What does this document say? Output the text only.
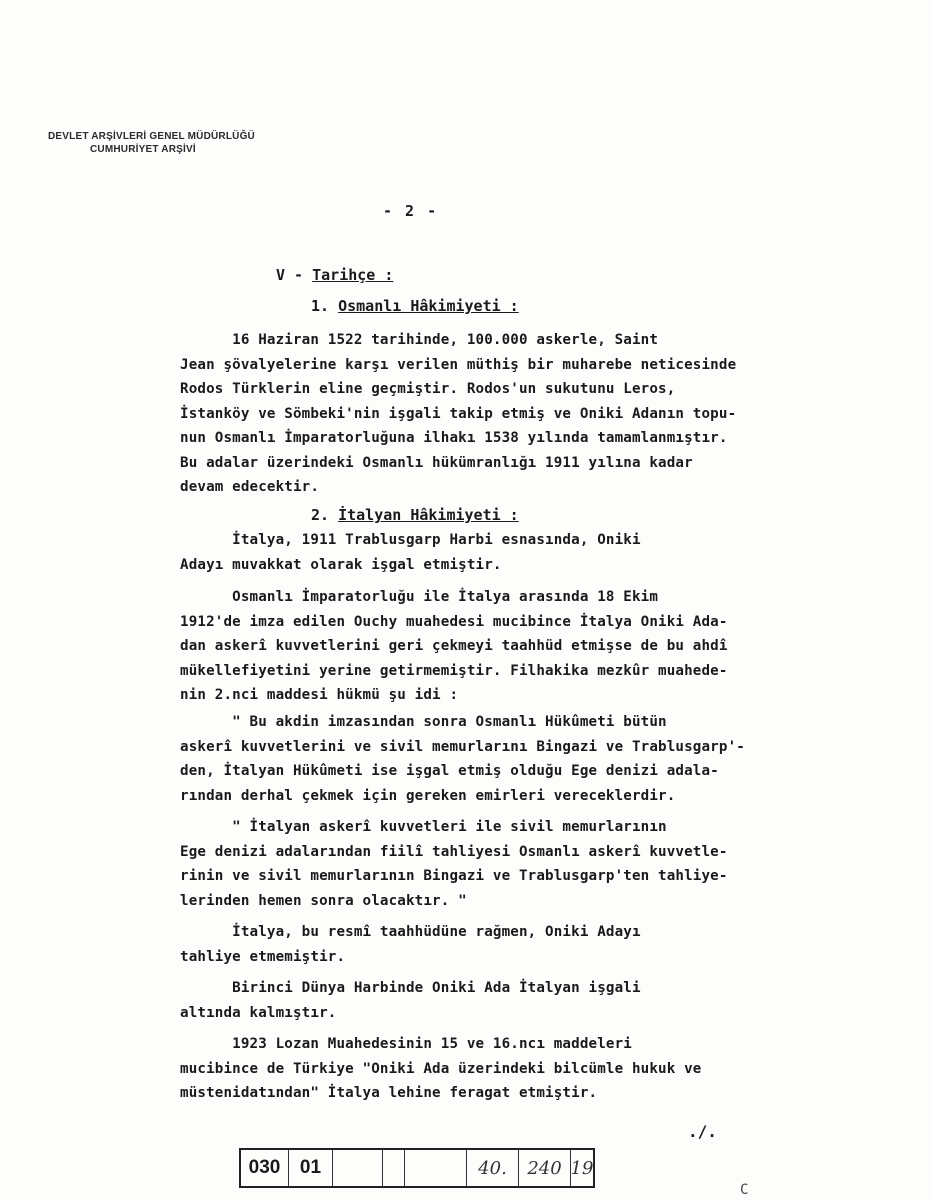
DEVLET ARŞİVLERİ GENEL MÜDÜRLÜĞÜ
CUMHURİYET ARŞİVİ
- 2 -
V - Tarihçe :
1. Osmanlı Hâkimiyeti :
16 Haziran 1522 tarihinde, 100.000 askerle, Saint
Jean şövalyelerine karşı verilen müthiş bir muharebe neticesinde
Rodos Türklerin eline geçmiştir. Rodos'un sukutunu Leros,
İstanköy ve Sömbeki'nin işgali takip etmiş ve Oniki Adanın topu-
nun Osmanlı İmparatorluğuna ilhakı 1538 yılında tamamlanmıştır.
Bu adalar üzerindeki Osmanlı hükümranlığı 1911 yılına kadar
devam edecektir.
2. İtalyan Hâkimiyeti :
İtalya, 1911 Trablusgarp Harbi esnasında, Oniki
Adayı muvakkat olarak işgal etmiştir.
Osmanlı İmparatorluğu ile İtalya arasında 18 Ekim
1912'de imza edilen Ouchy muahedesi mucibince İtalya Oniki Ada-
dan askerî kuvvetlerini geri çekmeyi taahhüd etmişse de bu ahdî
mükellefiyetini yerine getirmemiştir. Filhakika mezkûr muahede-
nin 2.nci maddesi hükmü şu idi :
" Bu akdin imzasından sonra Osmanlı Hükûmeti bütün
askerî kuvvetlerini ve sivil memurlarını Bingazi ve Trablusgarp'-
den, İtalyan Hükûmeti ise işgal etmiş olduğu Ege denizi adala-
rından derhal çekmek için gereken emirleri vereceklerdir.
" İtalyan askerî kuvvetleri ile sivil memurlarının
Ege denizi adalarından fiilî tahliyesi Osmanlı askerî kuvvetle-
rinin ve sivil memurlarının Bingazi ve Trablusgarp'ten tahliye-
lerinden hemen sonra olacaktır. "
İtalya, bu resmî taahhüdüne rağmen, Oniki Adayı
tahliye etmemiştir.
Birinci Dünya Harbinde Oniki Ada İtalyan işgali
altında kalmıştır.
1923 Lozan Muahedesinin 15 ve 16.ncı maddeleri
mucibince de Türkiye "Oniki Ada üzerindeki bilcümle hukuk ve
müstenidatından" İtalya lehine feragat etmiştir.
./.
030	01	40.	240 19
C
